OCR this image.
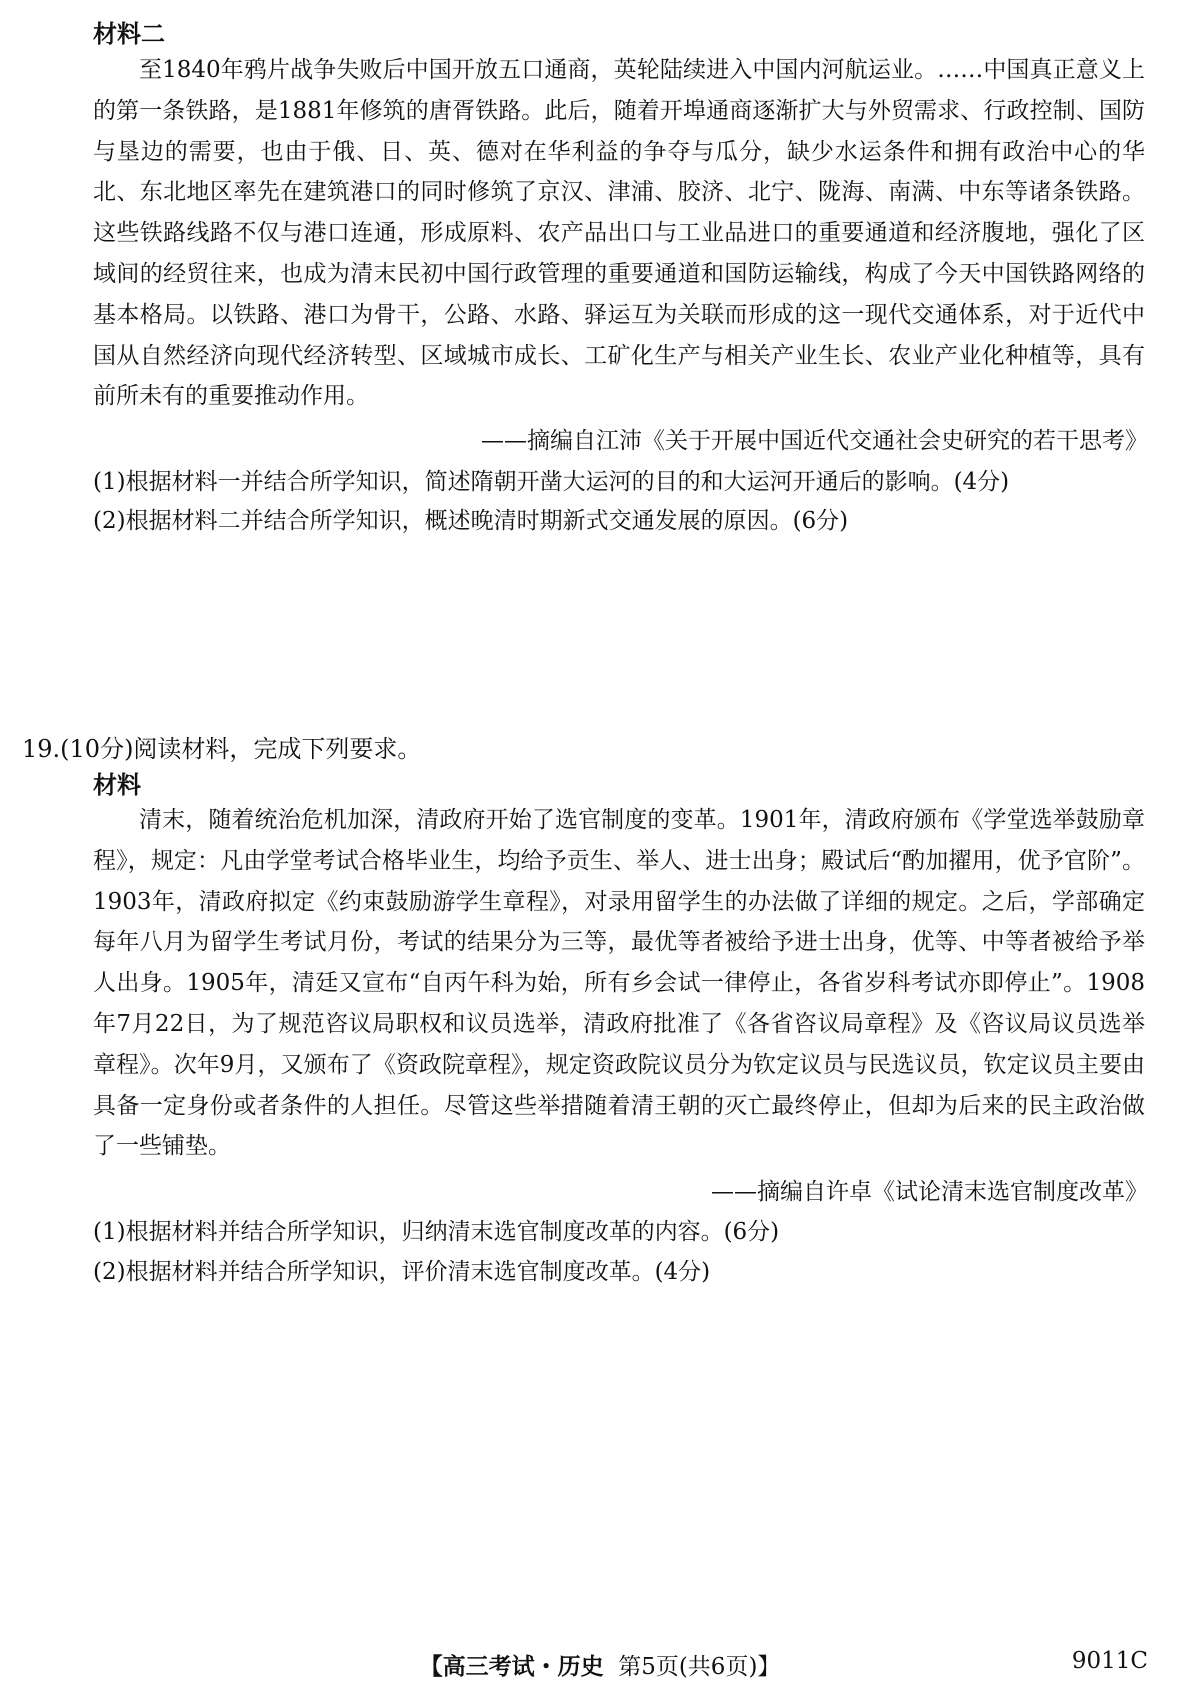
材料二

至1840年鸦片战争失败后中国开放五口通商，英轮陆续进入中国内河航运业。……中国真正意义上的第一条铁路，是1881年修筑的唐胥铁路。此后，随着开埠通商逐渐扩大与外贸需求、行政控制、国防与垦边的需要，也由于俄、日、英、德对在华利益的争夺与瓜分，缺少水运条件和拥有政治中心的华北、东北地区率先在建筑港口的同时修筑了京汉、津浦、胶济、北宁、陇海、南满、中东等诸条铁路。这些铁路线路不仅与港口连通，形成原料、农产品出口与工业品进口的重要通道和经济腹地，强化了区域间的经贸往来，也成为清末民初中国行政管理的重要通道和国防运输线，构成了今天中国铁路网络的基本格局。以铁路、港口为骨干，公路、水路、驿运互为关联而形成的这一现代交通体系，对于近代中国从自然经济向现代经济转型、区域城市成长、工矿化生产与相关产业生长、农业产业化种植等，具有前所未有的重要推动作用。

——摘编自江沛《关于开展中国近代交通社会史研究的若干思考》
(1)根据材料一并结合所学知识，简述隋朝开凿大运河的目的和大运河开通后的影响。(4分)
(2)根据材料二并结合所学知识，概述晚清时期新式交通发展的原因。(6分)
19.(10分)阅读材料，完成下列要求。
材料

清末，随着统治危机加深，清政府开始了选官制度的变革。1901年，清政府颁布《学堂选举鼓励章程》，规定：凡由学堂考试合格毕业生，均给予贡生、举人、进士出身；殿试后“酌加擢用，优予官阶”。1903年，清政府拟定《约束鼓励游学生章程》，对录用留学生的办法做了详细的规定。之后，学部确定每年八月为留学生考试月份，考试的结果分为三等，最优等者被给予进士出身，优等、中等者被给予举人出身。1905年，清廷又宣布“自丙午科为始，所有乡会试一律停止，各省岁科考试亦即停止”。1908年7月22日，为了规范咨议局职权和议员选举，清政府批准了《各省咨议局章程》及《咨议局议员选举章程》。次年9月，又颁布了《资政院章程》，规定资政院议员分为钦定议员与民选议员，钦定议员主要由具备一定身份或者条件的人担任。尽管这些举措随着清王朝的灭亡最终停止，但却为后来的民主政治做了一些铺垫。

——摘编自许卓《试论清末选官制度改革》
(1)根据材料并结合所学知识，归纳清末选官制度改革的内容。(6分)
(2)根据材料并结合所学知识，评价清末选官制度改革。(4分)
【高三考试・历史 第5页(共6页)】	9011C
